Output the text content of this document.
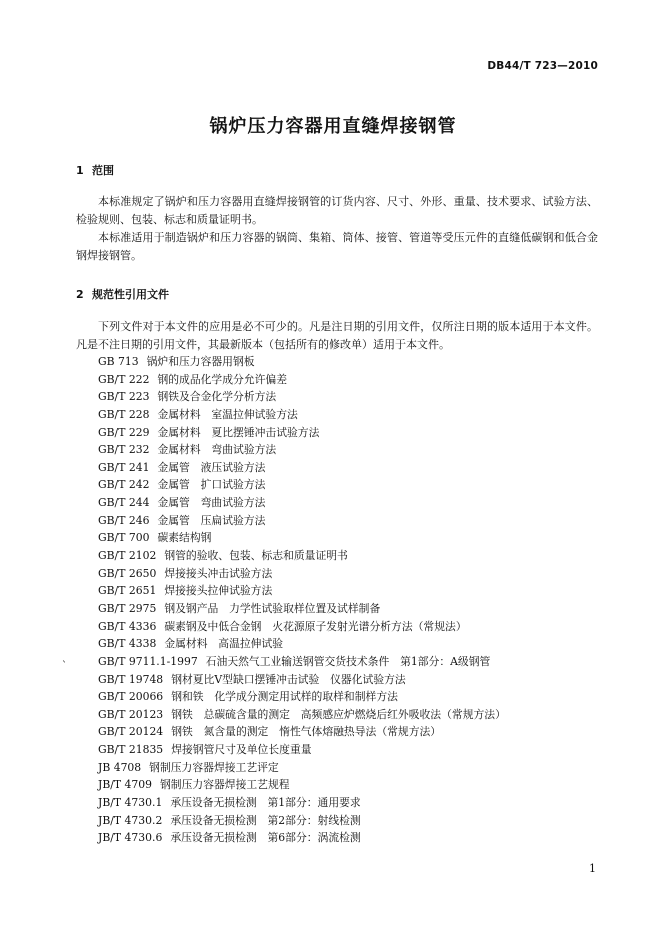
DB44/T 723—2010
锅炉压力容器用直缝焊接钢管
1 范围
本标准规定了锅炉和压力容器用直缝焊接钢管的订货内容、尺寸、外形、重量、技术要求、试验方法、检验规则、包装、标志和质量证明书。
本标准适用于制造锅炉和压力容器的锅筒、集箱、筒体、接管、管道等受压元件的直缝低碳钢和低合金钢焊接钢管。
2 规范性引用文件
下列文件对于本文件的应用是必不可少的。凡是注日期的引用文件，仅所注日期的版本适用于本文件。凡是不注日期的引用文件，其最新版本（包括所有的修改单）适用于本文件。
`
GB 713 锅炉和压力容器用钢板
GB/T 222 钢的成品化学成分允许偏差
GB/T 223 钢铁及合金化学分析方法
GB/T 228 金属材料　室温拉伸试验方法
GB/T 229 金属材料　夏比摆锤冲击试验方法
GB/T 232 金属材料　弯曲试验方法
GB/T 241 金属管　液压试验方法
GB/T 242 金属管　扩口试验方法
GB/T 244 金属管　弯曲试验方法
GB/T 246 金属管　压扁试验方法
GB/T 700 碳素结构钢
GB/T 2102 钢管的验收、包装、标志和质量证明书
GB/T 2650 焊接接头冲击试验方法
GB/T 2651 焊接接头拉伸试验方法
GB/T 2975 钢及钢产品　力学性试验取样位置及试样制备
GB/T 4336 碳素钢及中低合金钢　火花源原子发射光谱分析方法（常规法）
GB/T 4338 金属材料　高温拉伸试验
GB/T 9711.1-1997 石油天然气工业输送钢管交货技术条件　第1部分：A级钢管
GB/T 19748 钢材夏比V型缺口摆锤冲击试验　仪器化试验方法
GB/T 20066 钢和铁　化学成分测定用试样的取样和制样方法
GB/T 20123 钢铁　总碳硫含量的测定　高频感应炉燃烧后红外吸收法（常规方法）
GB/T 20124 钢铁　氮含量的测定　惰性气体熔融热导法（常规方法）
GB/T 21835 焊接钢管尺寸及单位长度重量
JB 4708 钢制压力容器焊接工艺评定
JB/T 4709 钢制压力容器焊接工艺规程
JB/T 4730.1 承压设备无损检测　第1部分：通用要求
JB/T 4730.2 承压设备无损检测　第2部分：射线检测
JB/T 4730.6 承压设备无损检测　第6部分：涡流检测
1
